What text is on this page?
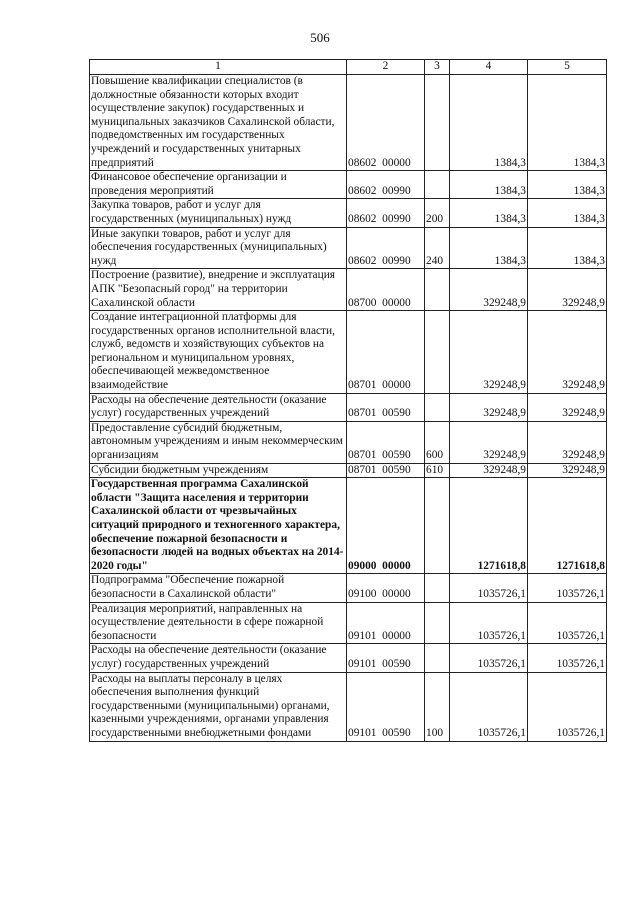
506
1	2	3	4	5
Повышение квалификации специалистов (в должностные обязанности которых входит осуществление закупок) государственных и муниципальных заказчиков Сахалинской области, подведомственных им государственных учреждений и государственных унитарных предприятий	08602  00000		1384,3	1384,3
Финансовое обеспечение организации и проведения мероприятий	08602  00990		1384,3	1384,3
Закупка товаров, работ и услуг для государственных (муниципальных) нужд	08602  00990	200	1384,3	1384,3
Иные закупки товаров, работ и услуг для обеспечения государственных (муниципальных) нужд	08602  00990	240	1384,3	1384,3
Построение (развитие), внедрение и эксплуатация АПК "Безопасный город" на территории Сахалинской области	08700  00000		329248,9	329248,9
Создание интеграционной платформы для государственных органов исполнительной власти, служб, ведомств и хозяйствующих субъектов на региональном и муниципальном уровнях, обеспечивающей межведомственное взаимодействие	08701  00000		329248,9	329248,9
Расходы на обеспечение деятельности (оказание услуг) государственных учреждений	08701  00590		329248,9	329248,9
Предоставление субсидий бюджетным, автономным учреждениям и иным некоммерческим организациям	08701  00590	600	329248,9	329248,9
Субсидии бюджетным учреждениям	08701  00590	610	329248,9	329248,9
Государственная программа Сахалинской области "Защита населения и территории Сахалинской области от чрезвычайных ситуаций природного и техногенного характера, обеспечение пожарной безопасности и безопасности людей на водных объектах на 2014-2020 годы"	09000  00000		1271618,8	1271618,8
Подпрограмма "Обеспечение пожарной безопасности в Сахалинской области"	09100  00000		1035726,1	1035726,1
Реализация мероприятий, направленных на осуществление деятельности в сфере пожарной безопасности	09101  00000		1035726,1	1035726,1
Расходы на обеспечение деятельности (оказание услуг) государственных учреждений	09101  00590		1035726,1	1035726,1
Расходы на выплаты персоналу в целях обеспечения выполнения функций государственными (муниципальными) органами, казенными учреждениями, органами управления государственными внебюджетными фондами	09101  00590	100	1035726,1	1035726,1
